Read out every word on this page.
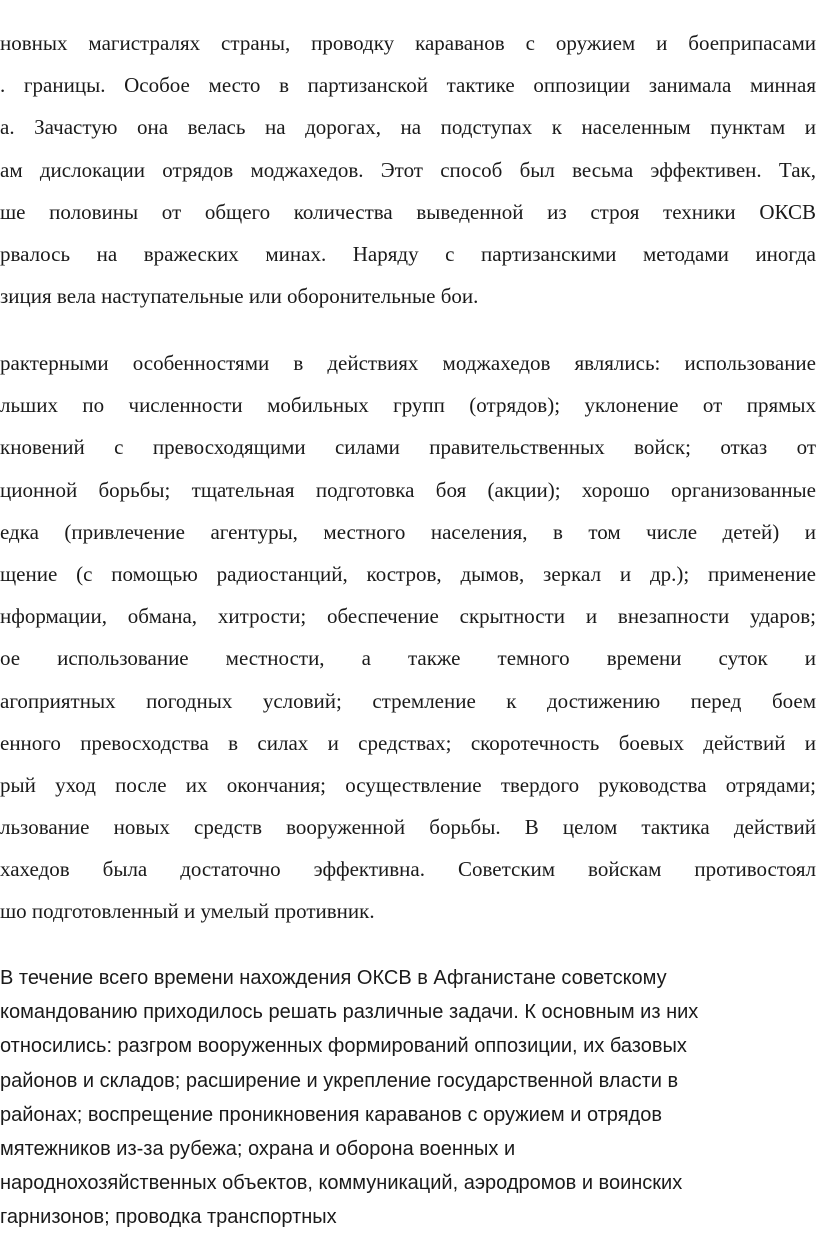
новных магистралях страны, проводку караванов с оружием и боеприпасами
. границы. Особое место в партизанской тактике оппозиции занимала минная
а. Зачастую она велась на дорогах, на подступах к населенным пунктам и
ам дислокации отрядов моджахедов. Этот способ был весьма эффективен. Так,
ше половины от общего количества выведенной из строя техники ОКСВ
рвалось на вражеских минах. Наряду с партизанскими методами иногда
зиция вела наступательные или оборонительные бои.
рактерными особенностями в действиях моджахедов являлись: использование
льших по численности мобильных групп (отрядов); уклонение от прямых
кновений с превосходящими силами правительственных войск; отказ от
ционной борьбы; тщательная подготовка боя (акции); хорошо организованные
едка (привлечение агентуры, местного населения, в том числе детей) и
щение (с помощью радиостанций, костров, дымов, зеркал и др.); применение
нформации, обмана, хитрости; обеспечение скрытности и внезапности ударов;
ое использование местности, а также темного времени суток и
агоприятных погодных условий; стремление к достижению перед боем
енного превосходства в силах и средствах; скоротечность боевых действий и
рый уход после их окончания; осуществление твердого руководства отрядами;
льзование новых средств вооруженной борьбы. В целом тактика действий
хахедов была достаточно эффективна. Советским войскам противостоял
шо подготовленный и умелый противник.
В течение всего времени нахождения ОКСВ в Афганистане советскому
командованию приходилось решать различные задачи. К основным из них
относились: разгром вооруженных формирований оппозиции, их базовых
районов и складов; расширение и укрепление государственной власти в
районах; воспрещение проникновения караванов с оружием и отрядов
мятежников из-за рубежа; охрана и оборона военных и
народнохозяйственных объектов, коммуникаций, аэродромов и воинских
гарнизонов; проводка транспортных
